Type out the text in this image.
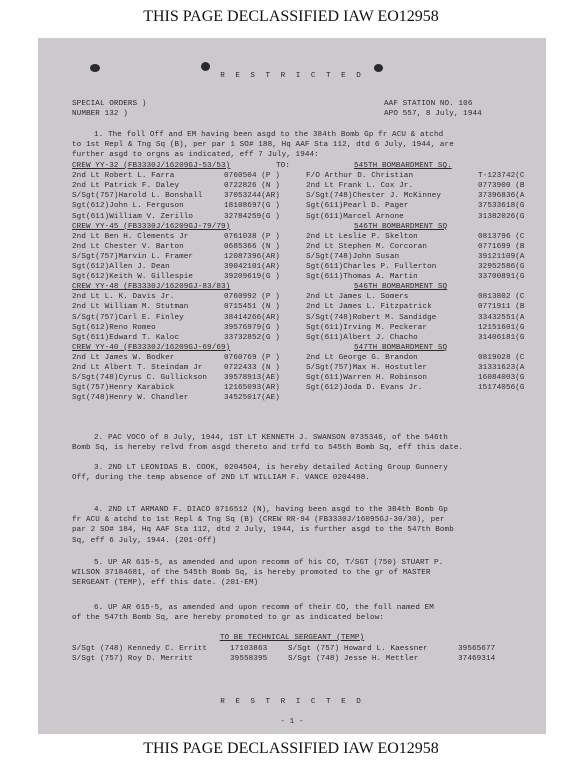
THIS PAGE DECLASSIFIED IAW EO12958
R E S T R I C T E D
SPECIAL ORDERS )
NUMBER 132 )
AAF STATION NO. 106
APO 557, 8 July, 1944
1. The foll Off and EM having been asgd to the 384th Bomb Gp fr ACU & atchd
to 1st Repl & Tng Sq (B), per par 1 SO# 188, Hq AAF Sta 112, dtd 6 July, 1944, are
further asgd to orgns as indicated, eff 7 July, 1944:
CREW YY-32 (FB3330J/16209GJ-53/53)	TO:	545TH BOMBARDMENT SQ.
2nd Lt Robert L. Farra	0760504 (P )	F/O Arthur D. Christian	T-123742(C
2nd Lt Patrick F. Daley	0722826 (N )	2nd Lt Frank L. Cox Jr.	0773900 (B
S/Sgt(757)Harold L. Bonshall	37053244(AR)	S/Sgt(748)Chester J. McKinney	37396836(A
Sgt(612)John L. Ferguson	18108697(G )	Sgt(611)Pearl D. Pager	37533618(G
Sgt(611)William V. Zerillo	32784259(G )	Sgt(611)Marcel Arnone	31382026(G
CREW YY-45 (FB3330J/16209GJ-79/79)	546TH BOMBARDMENT SQ
2nd Lt Ben H. Clements Jr	0761038 (P )	2nd Lt Leslie P. Skelton	0813796 (C
2nd Lt Chester V. Barton	0685366 (N )	2nd Lt Stephen M. Corcoran	0771699 (B
S/Sgt(757)Marvin L. Framer	12087396(AR)	S/Sgt(748)John Susan	39121109(A
Sgt(612)Allen J. Dean	39042101(AR)	Sgt(611)Charles P. Fullerton	32952586(G
Sgt(612)Keith W. Gillespie	39209619(G )	Sgt(611)Thomas A. Martin	33700891(G
CREW YY-48 (FB3330J/16209GJ-83/83)	546TH BOMBARDMENT SQ
2nd Lt L. K. Davis Jr.	0760992 (P )	2nd Lt James L. Somers	0813802 (C
2nd Lt William M. Stutman	0715451 (N )	2nd Lt James L. Fitzpatrick	0771911 (B
S/Sgt(757)Carl E. Finley	38414266(AR)	S/Sgt(748)Robert M. Sandidge	33432551(A
Sgt(612)Reno Romeo	39576979(G )	Sgt(611)Irving M. Peckerar	12151601(G
Sgt(611)Edward T. Kaloc	33732852(G )	Sgt(611)Albert J. Chacho	31406181(G
CREW YY-40 (FB3330J/16209GJ-69/69)	547TH BOMBARDMENT SQ
2nd Lt James W. Bodker	0760769 (P )	2nd Lt George G. Brandon	0819028 (C
2nd Lt Albert T. Steindam Jr	0722433 (N )	S/Sgt(757)Max H. Hostutler	31331623(A
S/Sgt(748)Cyrus C. Gullickson 39578913(AE)	Sgt(611)Warren H. Robinson	16084003(G
Sgt(757)Henry Karabick	12165093(AR)	Sgt(612)Joda D. Evans Jr.	15174056(G
Sgt(748)Henry W. Chandler	34525017(AE)
2. PAC VOCO of 8 July, 1944, 1ST LT KENNETH J. SWANSON 0735346, of the 546th
Bomb Sq, is hereby relvd from asgd thereto and trfd to 545th Bomb Sq, eff this date.
3. 2ND LT LEONIDAS B. COOK, 0204504, is hereby detailed Acting Group Gunnery
Off, during the temp absence of 2ND LT WILLIAM F. VANCE 0204498.
4. 2ND LT ARMAND F. DIACO 0716512 (N), having been asgd to the 384th Bomb Gp
fr ACU & atchd to 1st Repl & Tng Sq (B) (CREW RR-94 (FB3330J/16095GJ-30/30), per
par 2 SO# 184, Hq AAF Sta 112, dtd 2 July, 1944, is further asgd to the 547th Bomb
Sq, eff 6 July, 1944. (201-Off)
5. UP AR 615-5, as amended and upon recomm of his CO, T/SGT (750) STUART P.
WILSON 37184681, of the 545th Bomb Sq, is hereby promoted to the gr of MASTER
SERGEANT (TEMP), eff this date. (201-EM)
6. UP AR 615-5, as amended and upon recomm of their CO, the foll named EM
of the 547th Bomb Sq, are hereby promoted to gr as indicated below:
TO BE TECHNICAL SERGEANT (TEMP)
S/Sgt (748) Kennedy C. Erritt	17103863	S/Sgt (757) Howard L. Kaessner	39565677
S/Sgt (757) Roy D. Merritt	39558395	S/Sgt (748) Jesse H. Mettler	37469314
R E S T R I C T E D
- 1 -
THIS PAGE DECLASSIFIED IAW EO12958
